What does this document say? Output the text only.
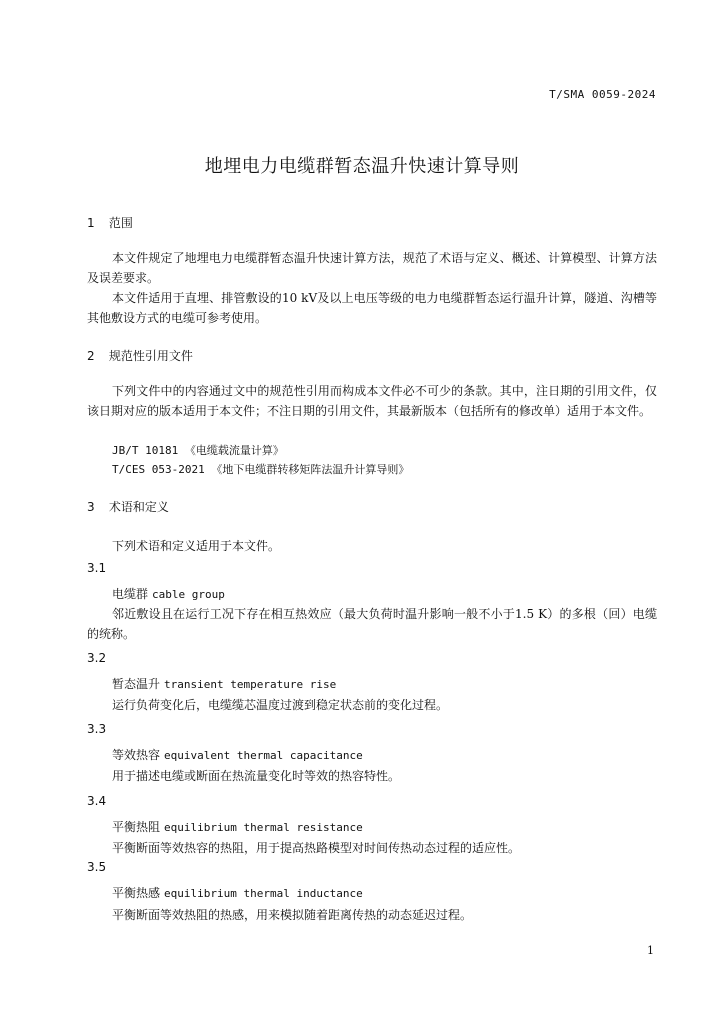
T/SMA 0059-2024
地埋电力电缆群暂态温升快速计算导则
1 范围
本文件规定了地埋电力电缆群暂态温升快速计算方法，规范了术语与定义、概述、计算模型、计算方法及误差要求。
本文件适用于直埋、排管敷设的10 kV及以上电压等级的电力电缆群暂态运行温升计算，隧道、沟槽等其他敷设方式的电缆可参考使用。
2 规范性引用文件
下列文件中的内容通过文中的规范性引用而构成本文件必不可少的条款。其中，注日期的引用文件，仅该日期对应的版本适用于本文件；不注日期的引用文件，其最新版本（包括所有的修改单）适用于本文件。
JB/T 10181 《电缆载流量计算》
T/CES 053-2021 《地下电缆群转移矩阵法温升计算导则》
3 术语和定义
下列术语和定义适用于本文件。
3.1
电缆群 cable group
邻近敷设且在运行工况下存在相互热效应（最大负荷时温升影响一般不小于1.5 K）的多根（回）电缆的统称。
3.2
暂态温升 transient temperature rise
运行负荷变化后，电缆缆芯温度过渡到稳定状态前的变化过程。
3.3
等效热容 equivalent thermal capacitance
用于描述电缆或断面在热流量变化时等效的热容特性。
3.4
平衡热阻 equilibrium thermal resistance
平衡断面等效热容的热阻，用于提高热路模型对时间传热动态过程的适应性。
3.5
平衡热感 equilibrium thermal inductance
平衡断面等效热阻的热感，用来模拟随着距离传热的动态延迟过程。
1
